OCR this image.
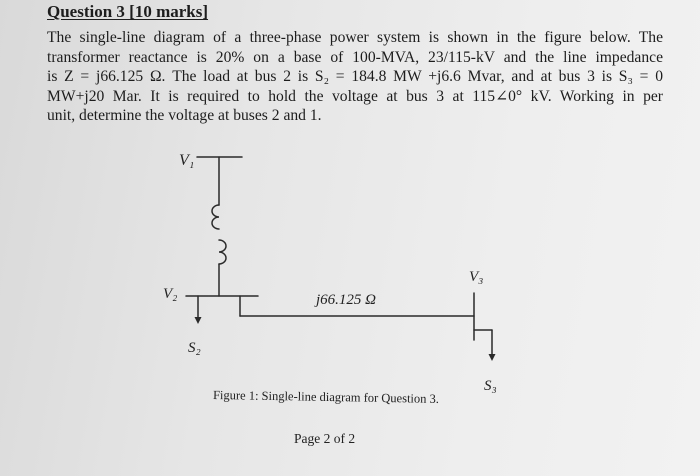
Question 3 [10 marks]
The single-line diagram of a three-phase power system is shown in the figure below. The
transformer reactance is 20% on a base of 100-MVA, 23/115-kV and the line impedance
is Z = j66.125 Ω. The load at bus 2 is S₂ = 184.8 MW +j6.6 Mvar, and at bus 3 is S₃ = 0
MW+j20 Mar. It is required to hold the voltage at bus 3 at 115∠0° kV. Working in per
unit, determine the voltage at buses 2 and 1.
V₁
V₂
V₃
j66.125 Ω
S₂
S₃
Figure 1: Single-line diagram for Question 3.
Page 2 of 2
